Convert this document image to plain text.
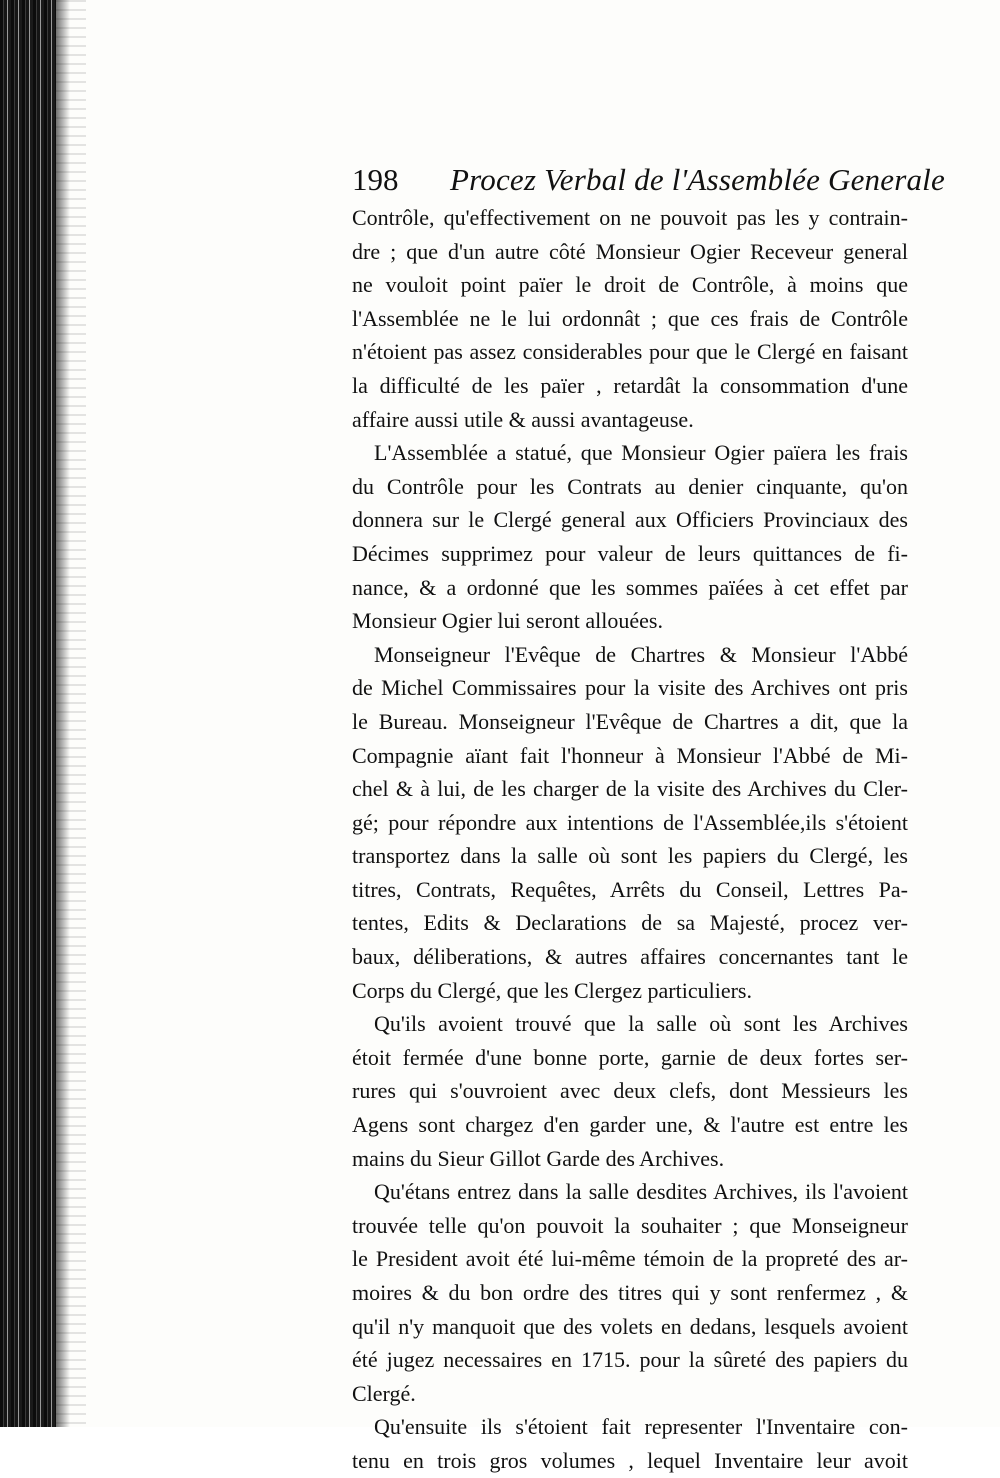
198 Procez Verbal de l'Assemblée Generale
Contrôle, qu'effectivement on ne pouvoit pas les y contrain-
dre ; que d'un autre côté Monsieur Ogier Receveur general
ne vouloit point païer le droit de Contrôle, à moins que
l'Assemblée ne le lui ordonnât ; que ces frais de Contrôle
n'étoient pas assez considerables pour que le Clergé en faisant
la difficulté de les païer , retardât la consommation d'une
affaire aussi utile & aussi avantageuse.
L'Assemblée a statué, que Monsieur Ogier païera les frais
du Contrôle pour les Contrats au denier cinquante, qu'on
donnera sur le Clergé general aux Officiers Provinciaux des
Décimes supprimez pour valeur de leurs quittances de fi-
nance, & a ordonné que les sommes païées à cet effet par
Monsieur Ogier lui seront allouées.
Monseigneur l'Evêque de Chartres & Monsieur l'Abbé
de Michel Commissaires pour la visite des Archives ont pris
le Bureau. Monseigneur l'Evêque de Chartres a dit, que la
Compagnie aïant fait l'honneur à Monsieur l'Abbé de Mi-
chel & à lui, de les charger de la visite des Archives du Cler-
gé; pour répondre aux intentions de l'Assemblée,ils s'étoient
transportez dans la salle où sont les papiers du Clergé, les
titres, Contrats, Requêtes, Arrêts du Conseil, Lettres Pa-
tentes, Edits & Declarations de sa Majesté, procez ver-
baux, déliberations, & autres affaires concernantes tant le
Corps du Clergé, que les Clergez particuliers.
Qu'ils avoient trouvé que la salle où sont les Archives
étoit fermée d'une bonne porte, garnie de deux fortes ser-
rures qui s'ouvroient avec deux clefs, dont Messieurs les
Agens sont chargez d'en garder une, & l'autre est entre les
mains du Sieur Gillot Garde des Archives.
Qu'étans entrez dans la salle desdites Archives, ils l'avoient
trouvée telle qu'on pouvoit la souhaiter ; que Monseigneur
le President avoit été lui-même témoin de la propreté des ar-
moires & du bon ordre des titres qui y sont renfermez , &
qu'il n'y manquoit que des volets en dedans, lesquels avoient
été jugez necessaires en 1715. pour la sûreté des papiers du
Clergé.
Qu'ensuite ils s'étoient fait representer l'Inventaire con-
tenu en trois gros volumes , lequel Inventaire leur avoit
